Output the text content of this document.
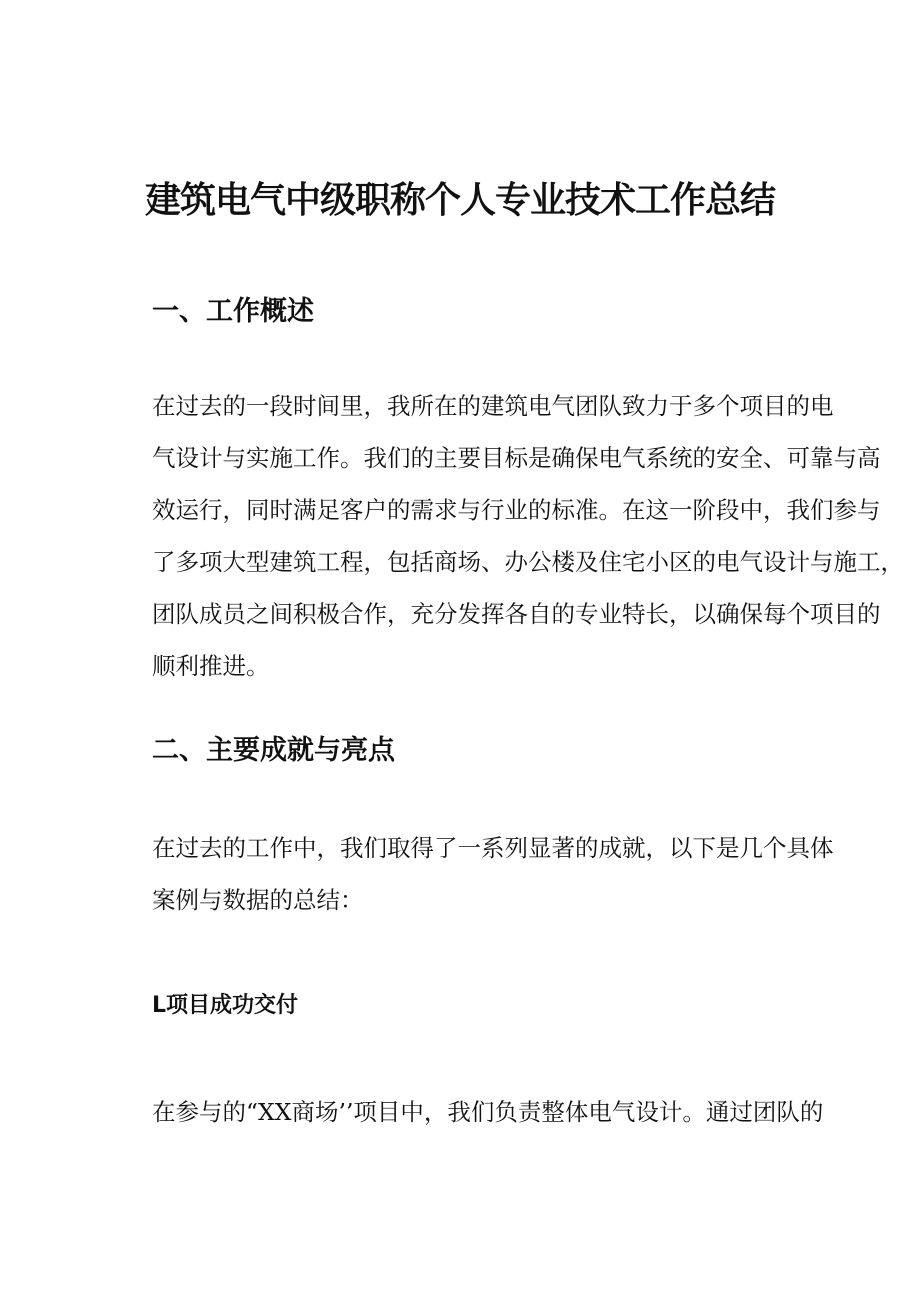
建筑电气中级职称个人专业技术工作总结
一、工作概述
在过去的一段时间里，我所在的建筑电气团队致力于多个项目的电
气设计与实施工作。我们的主要目标是确保电气系统的安全、可靠与高
效运行，同时满足客户的需求与行业的标准。在这一阶段中，我们参与
了多项大型建筑工程，包括商场、办公楼及住宅小区的电气设计与施工，
团队成员之间积极合作，充分发挥各自的专业特长，以确保每个项目的
顺利推进。
二、主要成就与亮点
在过去的工作中，我们取得了一系列显著的成就，以下是几个具体
案例与数据的总结：
L项目成功交付
在参与的“XX商场’’项目中，我们负责整体电气设计。通过团队的
